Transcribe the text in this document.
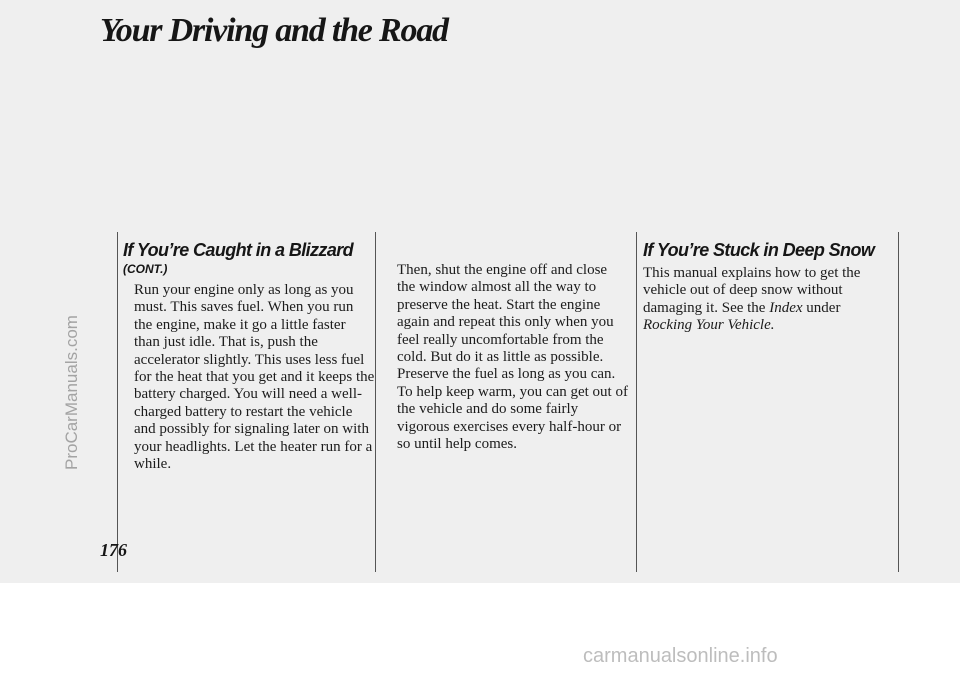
Your Driving and the Road
ProCarManuals.com
176
If You’re Caught in a Blizzard
(CONT.)

Run your engine only as long as you must. This saves fuel. When you run the engine, make it go a little faster than just idle. That is, push the accelerator slightly. This uses less fuel for the heat that you get and it keeps the battery charged. You will need a well-charged battery to restart the vehicle and possibly for signaling later on with your headlights. Let the heater run for a while.

Then, shut the engine off and close the window almost all the way to preserve the heat. Start the engine again and repeat this only when you feel really uncomfortable from the cold. But do it as little as possible. Preserve the fuel as long as you can. To help keep warm, you can get out of the vehicle and do some fairly vigorous exercises every half-hour or so until help comes.

If You’re Stuck in Deep Snow

This manual explains how to get the vehicle out of deep snow without damaging it. See the Index under Rocking Your Vehicle.

carmanualsonline.info
